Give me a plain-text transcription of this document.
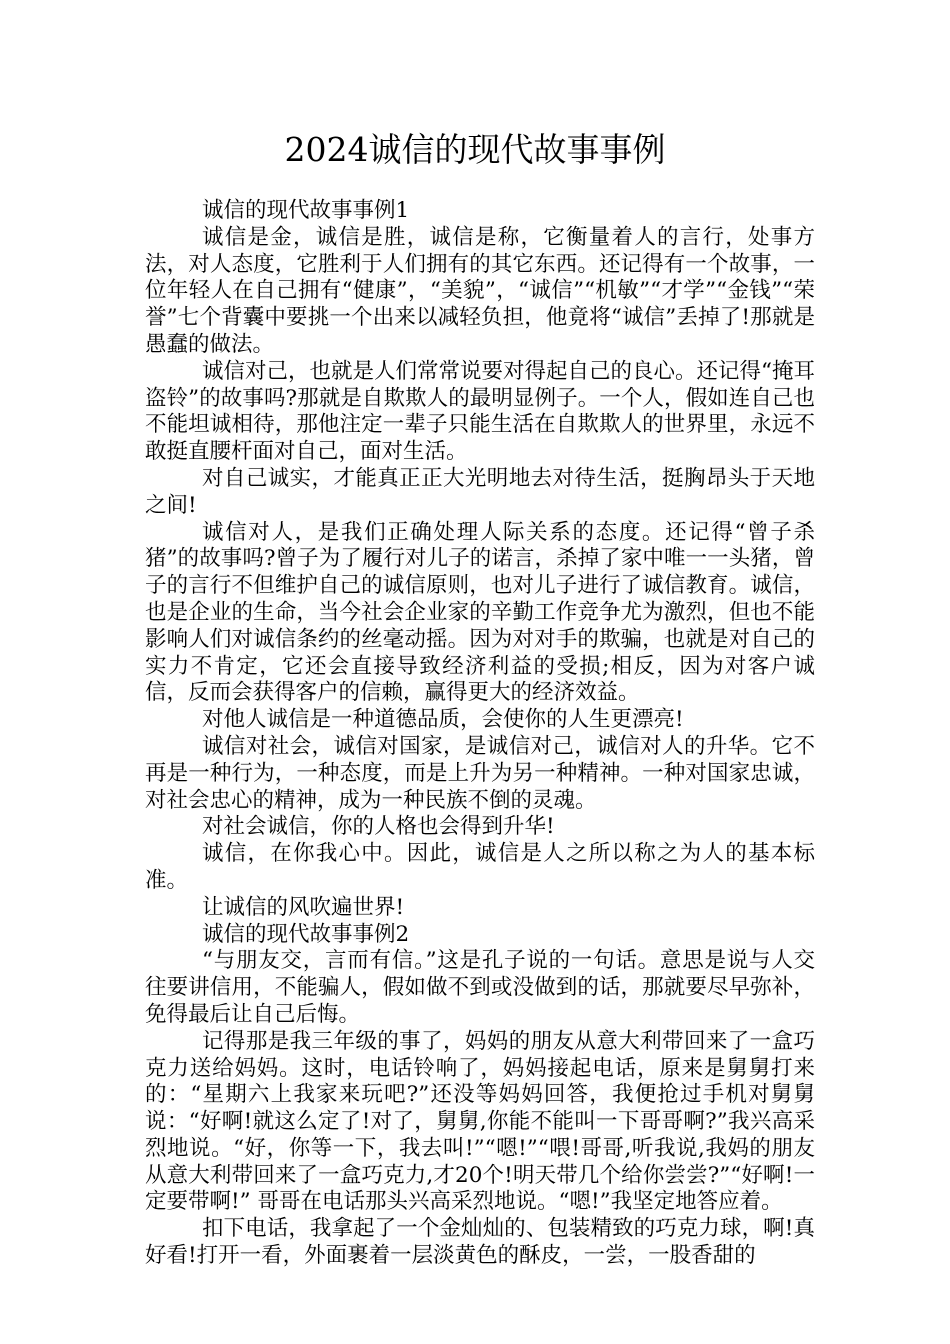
2024诚信的现代故事事例

诚信的现代故事事例1

诚信是金，诚信是胜，诚信是称，它衡量着人的言行，处事方法，对人态度，它胜利于人们拥有的其它东西。还记得有一个故事，一位年轻人在自己拥有“健康”，“美貌”，“诚信”“机敏”“才学”“金钱”“荣誉”七个背囊中要挑一个出来以减轻负担，他竟将“诚信”丢掉了!那就是愚蠢的做法。

诚信对己，也就是人们常常说要对得起自己的良心。还记得“掩耳盗铃”的故事吗?那就是自欺欺人的最明显例子。一个人，假如连自己也不能坦诚相待，那他注定一辈子只能生活在自欺欺人的世界里，永远不敢挺直腰杆面对自己，面对生活。

对自己诚实，才能真正正大光明地去对待生活，挺胸昂头于天地之间!

诚信对人，是我们正确处理人际关系的态度。还记得“曾子杀猪”的故事吗?曾子为了履行对儿子的诺言，杀掉了家中唯一一头猪，曾子的言行不但维护自己的诚信原则，也对儿子进行了诚信教育。诚信，也是企业的生命，当今社会企业家的辛勤工作竞争尤为激烈，但也不能影响人们对诚信条约的丝毫动摇。因为对对手的欺骗，也就是对自己的实力不肯定，它还会直接导致经济利益的受损;相反，因为对客户诚信，反而会获得客户的信赖，赢得更大的经济效益。

对他人诚信是一种道德品质，会使你的人生更漂亮!

诚信对社会，诚信对国家，是诚信对己，诚信对人的升华。它不再是一种行为，一种态度，而是上升为另一种精神。一种对国家忠诚，对社会忠心的精神，成为一种民族不倒的灵魂。

对社会诚信，你的人格也会得到升华!

诚信，在你我心中。因此，诚信是人之所以称之为人的基本标准。

让诚信的风吹遍世界!

诚信的现代故事事例2

“与朋友交，言而有信。”这是孔子说的一句话。意思是说与人交往要讲信用，不能骗人，假如做不到或没做到的话，那就要尽早弥补，免得最后让自己后悔。

记得那是我三年级的事了，妈妈的朋友从意大利带回来了一盒巧克力送给妈妈。这时，电话铃响了，妈妈接起电话，原来是舅舅打来的：“星期六上我家来玩吧?”还没等妈妈回答，我便抢过手机对舅舅说：“好啊!就这么定了!对了，舅舅,你能不能叫一下哥哥啊?”我兴高采烈地说。“好，你等一下，我去叫!”“嗯!”“喂!哥哥,听我说,我妈的朋友从意大利带回来了一盒巧克力,才20个!明天带几个给你尝尝?”“好啊!一定要带啊!” 哥哥在电话那头兴高采烈地说。“嗯!”我坚定地答应着。

扣下电话，我拿起了一个金灿灿的、包装精致的巧克力球，啊!真好看!打开一看，外面裹着一层淡黄色的酥皮，一尝，一股香甜的
